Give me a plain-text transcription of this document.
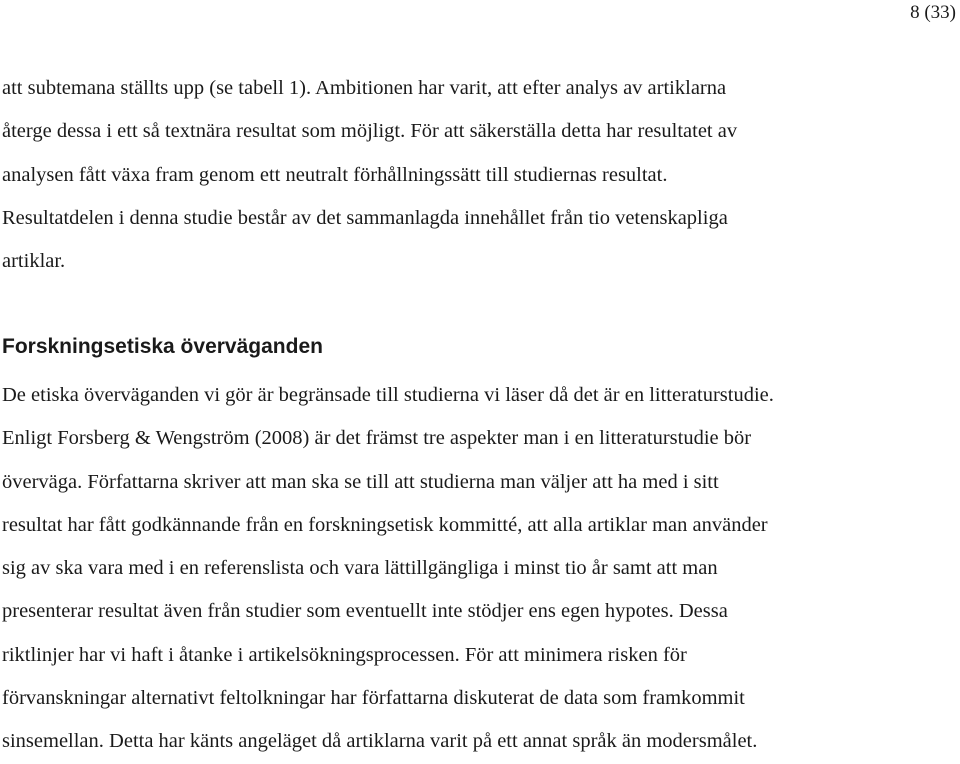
8 (33)

att subtemana ställts upp (se tabell 1). Ambitionen har varit, att efter analys av artiklarna
återge dessa i ett så textnära resultat som möjligt. För att säkerställa detta har resultatet av
analysen fått växa fram genom ett neutralt förhållningssätt till studiernas resultat.
Resultatdelen i denna studie består av det sammanlagda innehållet från tio vetenskapliga
artiklar.

Forskningsetiska överväganden

De etiska överväganden vi gör är begränsade till studierna vi läser då det är en litteraturstudie.
Enligt Forsberg & Wengström (2008) är det främst tre aspekter man i en litteraturstudie bör
överväga. Författarna skriver att man ska se till att studierna man väljer att ha med i sitt
resultat har fått godkännande från en forskningsetisk kommitté, att alla artiklar man använder
sig av ska vara med i en referenslista och vara lättillgängliga i minst tio år samt att man
presenterar resultat även från studier som eventuellt inte stödjer ens egen hypotes. Dessa
riktlinjer har vi haft i åtanke i artikelsökningsprocessen. För att minimera risken för
förvanskningar alternativt feltolkningar har författarna diskuterat de data som framkommit
sinsemellan. Detta har känts angeläget då artiklarna varit på ett annat språk än modersmålet.
